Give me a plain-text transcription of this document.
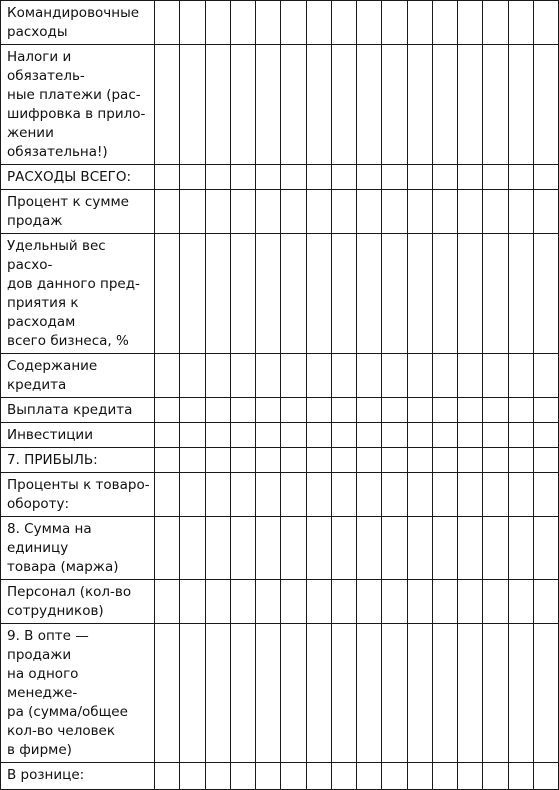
Командировочные
расходы																

Налоги и обязатель-
ные платежи (рас-
шифровка в прило-
жении обязательна!)																

РАСХОДЫ ВСЕГО:																

Процент к сумме
продаж																

Удельный вес расхо-
дов данного пред-
приятия к расходам
всего бизнеса, %																

Содержание кредита																

Выплата кредита																

Инвестиции																

7. ПРИБЫЛЬ:																

Проценты к товаро-
обороту:																

8. Сумма на единицу
товара (маржа)																

Персонал (кол-во
сотрудников)																

9. В опте — продажи
на одного менедже-
ра (сумма/общее
кол-во человек
в фирме)																

В рознице:																
